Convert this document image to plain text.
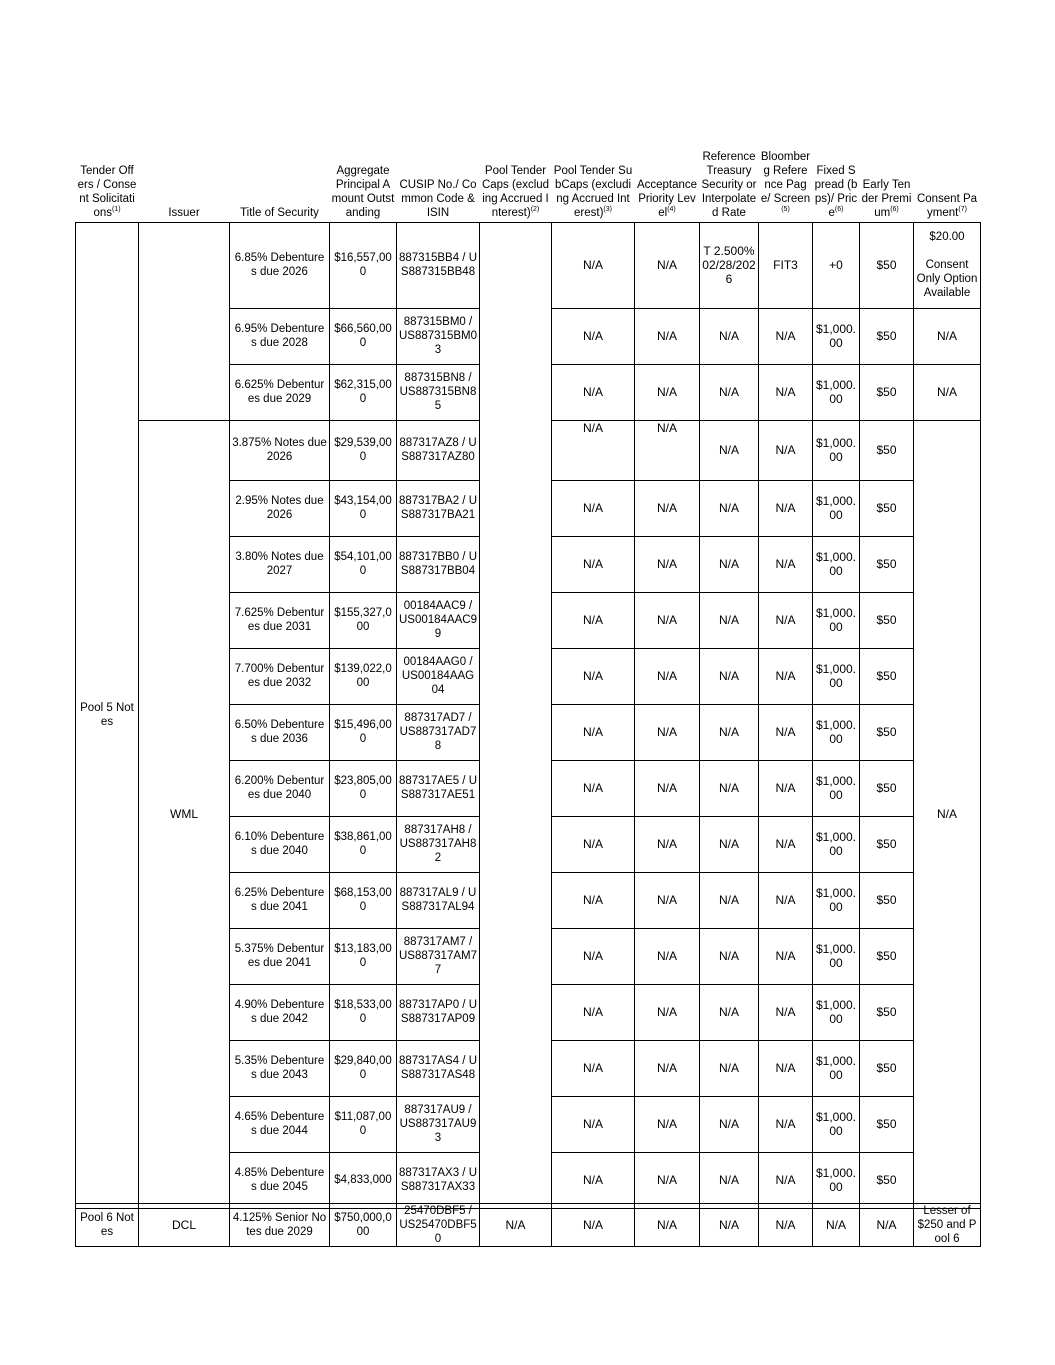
Tender Offers / Consent Solicitations$^{(1)}$	Issuer	Title of Security	Aggregate Principal Amount Outstanding	CUSIP No./ Common Code & ISIN	Pool Tender Caps (excluding Accrued Interest)$^{(2)}$	Pool Tender SubCaps (excluding Accrued Interest)$^{(3)}$	Acceptance Priority Level$^{(4)}$	Reference Treasury Security or Interpolated Rate	Bloomberg Reference Page/ Screen$^{(5)}$	Fixed Spread (bps)/ Price$^{(6)}$	Early Tender Premium$^{(6)}$	Consent Payment$^{(7)}$
Pool 5 Notes		6.85% Debentures due 2026	$16,557,000	887315BB4 / US887315BB48		N/A	N/A	T 2.500% 02/28/2026	FIT3	+0	$50	$20.00

Consent Only Option Available
		6.95% Debentures due 2028	$66,560,000	887315BM0 / US887315BM03		N/A	N/A	N/A	N/A	$1,000.00	$50	N/A
		6.625% Debentures due 2029	$62,315,000	887315BN8 / US887315BN85		N/A	N/A	N/A	N/A	$1,000.00	$50	N/A
	WML	3.875% Notes due 2026	$29,539,000	887317AZ8 / US887317AZ80		N/A	N/A	N/A	N/A	$1,000.00	$50	N/A
		2.95% Notes due 2026	$43,154,000	887317BA2 / US887317BA21		N/A	N/A	N/A	N/A	$1,000.00	$50	
		3.80% Notes due 2027	$54,101,000	887317BB0 / US887317BB04		N/A	N/A	N/A	N/A	$1,000.00	$50	
		7.625% Debentures due 2031	$155,327,000	00184AAC9 / US00184AAC99		N/A	N/A	N/A	N/A	$1,000.00	$50	
		7.700% Debentures due 2032	$139,022,000	00184AAG0 / US00184AAG04		N/A	N/A	N/A	N/A	$1,000.00	$50	
		6.50% Debentures due 2036	$15,496,000	887317AD7 / US887317AD78		N/A	N/A	N/A	N/A	$1,000.00	$50	
		6.200% Debentures due 2040	$23,805,000	887317AE5 / US887317AE51		N/A	N/A	N/A	N/A	$1,000.00	$50	
		6.10% Debentures due 2040	$38,861,000	887317AH8 / US887317AH82		N/A	N/A	N/A	N/A	$1,000.00	$50	
		6.25% Debentures due 2041	$68,153,000	887317AL9 / US887317AL94		N/A	N/A	N/A	N/A	$1,000.00	$50	
		5.375% Debentures due 2041	$13,183,000	887317AM7 / US887317AM77		N/A	N/A	N/A	N/A	$1,000.00	$50	
		4.90% Debentures due 2042	$18,533,000	887317AP0 / US887317AP09		N/A	N/A	N/A	N/A	$1,000.00	$50	
		5.35% Debentures due 2043	$29,840,000	887317AS4 / US887317AS48		N/A	N/A	N/A	N/A	$1,000.00	$50	
		4.65% Debentures due 2044	$11,087,000	887317AU9 / US887317AU93		N/A	N/A	N/A	N/A	$1,000.00	$50	
		4.85% Debentures due 2045	$4,833,000	887317AX3 / US887317AX33		N/A	N/A	N/A	N/A	$1,000.00	$50	
Pool 6 Notes	DCL	4.125% Senior Notes due 2029	$750,000,000	25470DBF5 / US25470DBF50	N/A	N/A	N/A	N/A	N/A	N/A	N/A	Lesser of $250 and Pool 6
